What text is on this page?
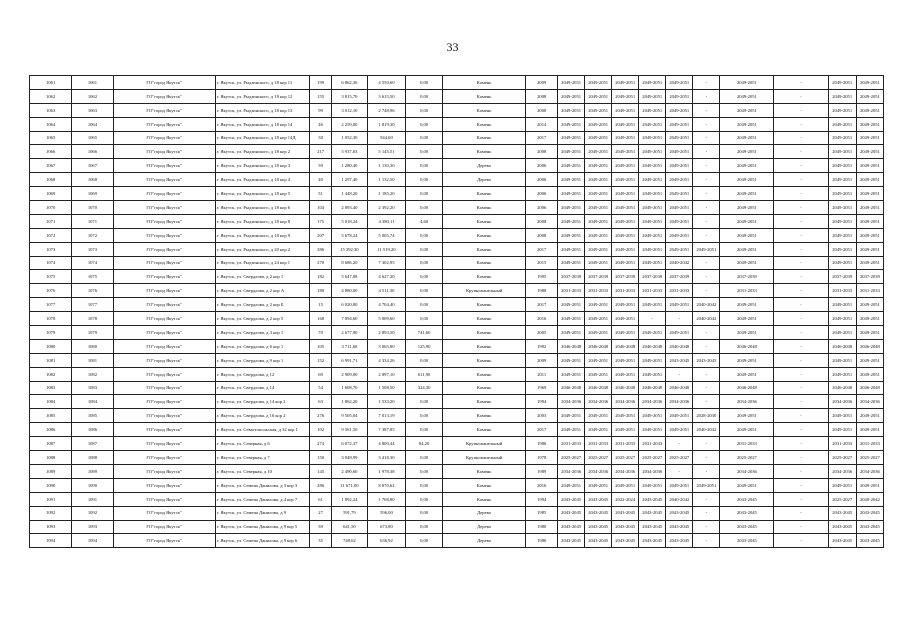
33
1061	1061	ГО"город Якутск"	г. Якутск, ул. Рыдзинского, д 18 кор 11	199	6 862,36	4 550,60	0,00	Камень	2009	2049-2051	2049-2051	2049-2051	2049-2051	2049-2051	-	2049-2051	-	2049-2051	2049-2051
1062	1062	ГО"город Якутск"	г. Якутск, ул. Рыдзинского, д 18 кор 12	155	3 815,70	3 615,50	0,00	Камень	2008	2049-2051	2049-2051	2049-2051	2049-2051	2049-2051	-	2049-2051	-	2049-2051	2049-2051
1063	1063	ГО"город Якутск"	г. Якутск, ул. Рыдзинского, д 18 кор 13	99	3 012,10	2 748,96	0,00	Камень	2008	2049-2051	2049-2051	2049-2051	2049-2051	2049-2051	-	2049-2051	-	2049-2051	2049-2051
1064	1064	ГО"город Якутск"	г. Якутск, ул. Рыдзинского, д 18 кор 14	46	2 259,00	1 819,30	0,00	Камень	2014	2049-2051	2049-2051	2049-2051	2049-2051	2049-2051	-	2049-2051	-	2049-2051	2049-2051
1065	1065	ГО"город Якутск"	г. Якутск, ул. Рыдзинского, д 18 кор 14Д	30	1 052,30	944,60	0,00	Камень	2017	2049-2051	2049-2051	2049-2051	2049-2051	2049-2051	-	2049-2051	-	2049-2051	2049-2051
1066	1066	ГО"город Якутск"	г. Якутск, ул. Рыдзинского, д 18 кор 2	217	5 937,03	5 145,51	0,00	Камень	2008	2049-2051	2049-2051	2049-2051	2049-2051	2049-2051	-	2049-2051	-	2049-2051	2049-2051
1067	1067	ГО"город Якутск"	г. Якутск, ул. Рыдзинского, д 18 кор 3	39	1 280,40	1 130,30	0,00	Дерево	2006	2049-2051	2049-2051	2049-2051	2049-2051	2049-2051	-	2049-2051	-	2049-2051	2049-2051
1068	1068	ГО"город Якутск"	г. Якутск, ул. Рыдзинского, д 18 кор 4	40	1 297,40	1 132,50	0,00	Дерево	2006	2049-2051	2049-2051	2049-2051	2049-2051	2049-2051	-	2049-2051	-	2049-2051	2049-2051
1069	1069	ГО"город Якутск"	г. Якутск, ул. Рыдзинского, д 18 кор 5	51	1 448,20	1 185,20	0,00	Камень	2006	2049-2051	2049-2051	2049-2051	2049-2051	2049-2051	-	2049-2051	-	2049-2051	2049-2051
1070	1070	ГО"город Якутск"	г. Якутск, ул. Рыдзинского, д 18 кор 6	104	2 893,40	2 392,20	0,00	Камень	2006	2049-2051	2049-2051	2049-2051	2049-2051	2049-2051	-	2049-2051	-	2049-2051	2049-2051
1071	1071	ГО"город Якутск"	г. Якутск, ул. Рыдзинского, д 18 кор 8	175	5 018,24	4 380,11	4,60	Камень	2008	2049-2051	2049-2051	2049-2051	2049-2051	2049-2051	-	2049-2051	-	2049-2051	2049-2051
1072	1072	ГО"город Якутск"	г. Якутск, ул. Рыдзинского, д 18 кор 9	207	5 678,24	5 005,74	0,00	Камень	2008	2049-2051	2049-2051	2049-2051	2049-2051	2049-2051	-	2049-2051	-	2049-2051	2049-2051
1073	1073	ГО"город Якутск"	г. Якутск, ул. Рыдзинского, д 20 кор 2	386	15 392,30	11 519,20	0,00	Камень	2017	2049-2051	2049-2051	2049-2051	2049-2051	2049-2051	2049-2051	2049-2051	-	2049-2051	2049-2051
1074	1074	ГО"город Якутск"	г. Якутск, ул. Рыдзинского, д 24 кор 1	270	8 686,20	7 302,95	0,00	Камень	2015	2049-2051	2049-2051	2049-2051	2049-2051	2040-2042	-	2049-2051	-	2049-2051	2049-2051
1075	1075	ГО"город Якутск"	г. Якутск, ул. Свердлова, д 2 кор 1	182	5 647,88	4 627,30	0,00	Камень	1995	2037-2039	2037-2039	2037-2039	2037-2039	2037-2039	-	2037-2039	-	2037-2039	2037-2039
1076	1076	ГО"город Якутск"	г. Якутск, ул. Свердлова, д 2 кор А	180	4 880,00	4 511,30	0,00	Крупнопанельный	1988	2031-2033	2031-2033	2031-2033	2031-2033	2031-2033	-	2031-2033	-	2031-2033	2031-2033
1077	1077	ГО"город Якутск"	г. Якутск, ул. Свердлова, д 2 кор Б	15	6 020,80	4 704,40	0,00	Камень	2017	2049-2051	2049-2051	2049-2051	2049-2051	2049-2051	2040-2042	2049-2051	-	2049-2051	2049-2051
1078	1078	ГО"город Якутск"	г. Якутск, ул. Свердлова, д 2 кор 5	168	7 094,60	5 009,60	0,00	Камень	2016	2049-2051	2049-2051	2049-2051	-	-	2040-2042	2049-2051	-	2049-2051	2049-2051
1079	1079	ГО"город Якутск"	г. Якутск, ул. Свердлова, д 3 кор 1	70	2 677,90	2 893,50	741,60	Камень	2005	2049-2051	2049-2051	2049-2051	2049-2051	2049-2051	-	2049-2051	-	2049-2051	2049-2051
1080	1080	ГО"город Якутск"	г. Якутск, ул. Свердлова, д 6 кор 1	105	3 711,60	3 065,80	125,90	Камень	1992	2046-2048	2046-2048	2046-2048	2046-2048	2046-2048	-	2046-2048	-	2046-2048	2046-2048
1081	1081	ГО"город Якутск"	г. Якутск, ул. Свердлова, д 9 кор 1	152	6 991,71	4 334,26	0,00	Камень	2009	2049-2051	2049-2051	2049-2051	2049-2051	2043-2045	2043-2045	2049-2051	-	2049-2051	2049-2051
1082	1082	ГО"город Якутск"	г. Якутск, ул. Свердлова, д 12	69	2 909,00	2 897,10	611,90	Камень	2011	2049-2051	2049-2051	2049-2051	2049-2051	-	-	2049-2051	-	2049-2051	2049-2051
1083	1083	ГО"город Якутск"	г. Якутск, ул. Свердлова, д 14	54	1 608,70	1 508,50	324,30	Камень	1969	2046-2048	2046-2048	2046-2048	2046-2048	2046-2048	-	2046-2048	-	2046-2048	2046-2048
1084	1084	ГО"город Якутск"	г. Якутск, ул. Свердлова, д 14 кор 2	63	1 862,20	1 533,20	0,00	Камень	1994	2034-2036	2034-2036	2034-2036	2034-2036	2034-2036	-	2034-2036	-	2034-2036	2034-2036
1085	1085	ГО"город Якутск"	г. Якутск, ул. Свердлова, д 16 кор 2	276	9 505,04	7 013,19	0,00	Камень	2003	2049-2051	2049-2051	2049-2051	2049-2051	2049-2051	2028-2030	2049-2051	-	2049-2051	2049-2051
1086	1086	ГО"город Якутск"	г. Якутск, ул. Севастопольская, д 32 кор 1	102	9 561,50	7 387,85	0,00	Камень	2017	2049-2051	2049-2051	2049-2051	2049-2051	2049-2051	2040-2042	2049-2051	-	2049-2051	2049-2051
1087	1087	ГО"город Якутск"	г. Якутск, ул. Северная, д 6	274	6 072,37	4 800,44	84,20	Крупнопанельный	1986	2031-2033	2031-2033	2031-2033	2031-2033	-	-	2031-2033	-	2031-2033	2031-2033
1088	1088	ГО"город Якутск"	г. Якутск, ул. Северная, д 7	150	3 948,99	3 418,30	0,00	Крупнопанельный	1978	2025-2027	2025-2027	2025-2027	2025-2027	2025-2027	-	2025-2027	-	2025-2027	2025-2027
1089	1089	ГО"город Якутск"	г. Якутск, ул. Северная, д 10	145	2 490,60	1 978,38	0,00	Камень	1989	2034-2036	2034-2036	2034-2036	2034-2036	-	-	2034-2036	-	2034-2036	2034-2036
1090	1090	ГО"город Якутск"	г. Якутск, ул. Семена Данилова, д 3 кор 3	286	11 671,00	8 870,62	0,00	Камень	2016	2049-2051	2049-2051	2049-2051	2049-2051	2049-2051	2049-2051	2049-2051	-	2049-2051	2049-2051
1091	1091	ГО"город Якутск"	г. Якутск, ул. Семена Данилова, д 4 кор 7	61	1 892,24	1 768,80	0,00	Камень	1994	2043-2045	2043-2045	2022-2024	2043-2045	2040-2042	-	2043-2045	-	2025-2027	2040-2042
1092	1092	ГО"город Якутск"	г. Якутск, ул. Семена Данилова, д 9	27	591,79	596,00	0,00	Дерево	1985	2043-2045	2043-2045	2043-2045	2043-2045	2043-2045	-	2043-2045	-	2043-2045	2043-2045
1093	1093	ГО"город Якутск"	г. Якутск, ул. Семена Данилова, д 9 кор 5	39	641,50	673,80	0,00	Дерево	1980	2043-2045	2043-2045	2043-2045	2043-2045	2043-2045	-	2043-2045	-	2043-2045	2043-2045
1094	1094	ГО"город Якутск"	г. Якутск, ул. Семена Данилова, д 9 кор 6	35	748,62	636,92	0,00	Дерево	1986	2043-2045	2043-2045	2043-2045	2043-2045	2043-2045	-	2043-2045	-	2043-2045	2043-2045
